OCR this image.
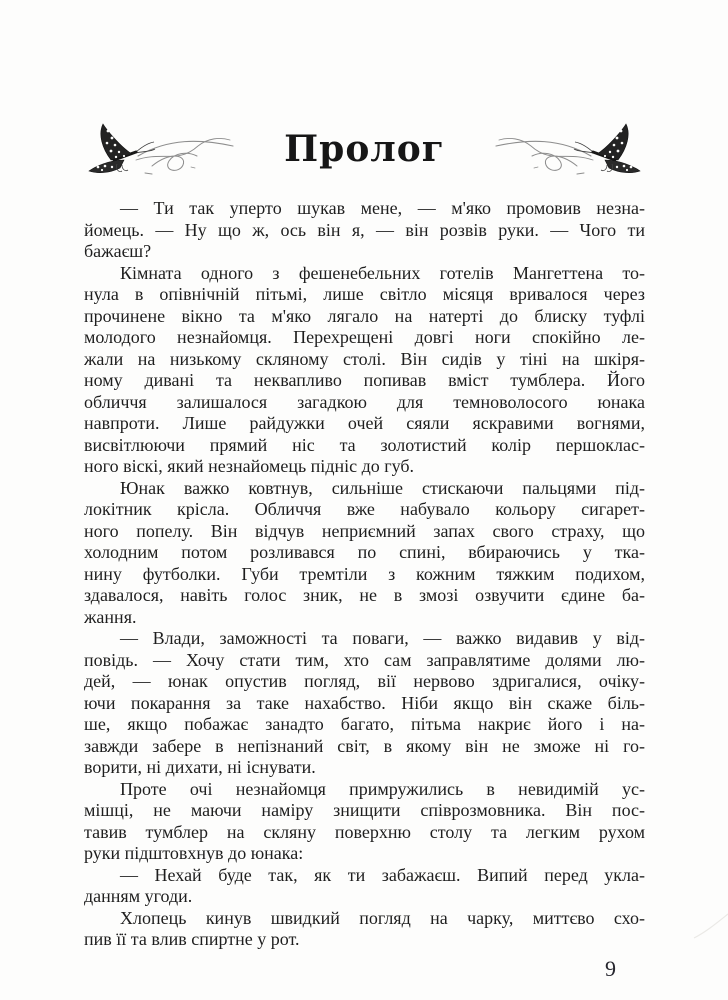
Пролог
— Ти так уперто шукав мене, — м'яко промовив незна-
йомець. — Ну що ж, ось він я, — він розвів руки. — Чого ти
бажаєш?
Кімната одного з фешенебельних готелів Мангеттена то-
нула в опівнічній пітьмі, лише світло місяця вривалося через
прочинене вікно та м'яко лягало на натерті до блиску туфлі
молодого незнайомця. Перехрещені довгі ноги спокійно ле-
жали на низькому скляному столі. Він сидів у тіні на шкіря-
ному дивані та неквапливо попивав вміст тумблера. Його
обличчя залишалося загадкою для темноволосого юнака
навпроти. Лише райдужки очей сяяли яскравими вогнями,
висвітлюючи прямий ніс та золотистий колір першоклас-
ного віскі, який незнайомець підніс до губ.
Юнак важко ковтнув, сильніше стискаючи пальцями під-
локітник крісла. Обличчя вже набувало кольору сигарет-
ного попелу. Він відчув неприємний запах свого страху, що
холодним потом розливався по спині, вбираючись у тка-
нину футболки. Губи тремтіли з кожним тяжким подихом,
здавалося, навіть голос зник, не в змозі озвучити єдине ба-
жання.
— Влади, заможності та поваги, — важко видавив у від-
повідь. — Хочу стати тим, хто сам заправлятиме долями лю-
дей, — юнак опустив погляд, вії нервово здригалися, очіку-
ючи покарання за таке нахабство. Ніби якщо він скаже біль-
ше, якщо побажає занадто багато, пітьма накриє його і на-
завжди забере в непізнаний світ, в якому він не зможе ні го-
ворити, ні дихати, ні існувати.
Проте очі незнайомця примружились в невидимій ус-
мішці, не маючи наміру знищити співрозмовника. Він пос-
тавив тумблер на скляну поверхню столу та легким рухом
руки підштовхнув до юнака:
— Нехай буде так, як ти забажаєш. Випий перед укла-
данням угоди.
Хлопець кинув швидкий погляд на чарку, миттєво схо-
пив її та влив спиртне у рот.
9
